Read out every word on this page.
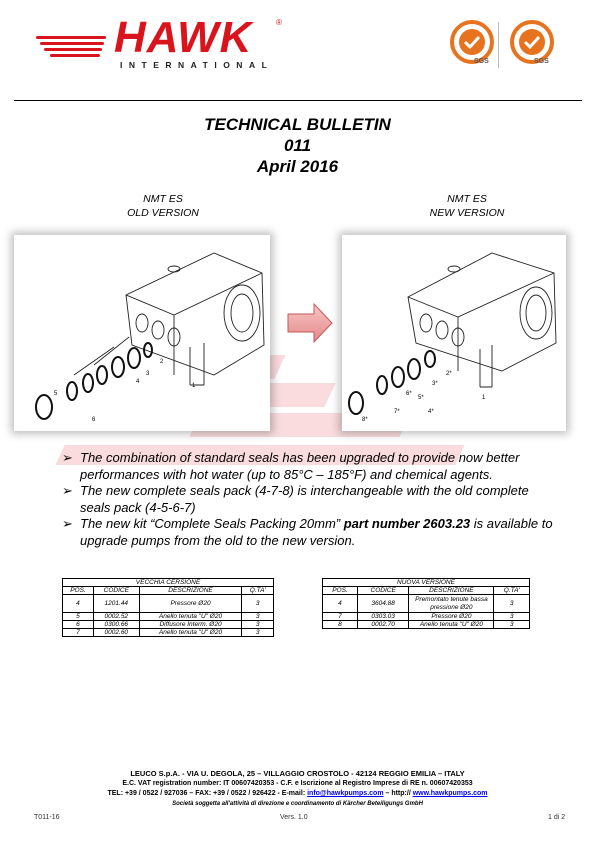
HAWK	®
INTERNATIONAL	SGS	SGS
TECHNICAL BULLETIN
011
April 2016
NMT ES
OLD VERSION
NMT ES
NEW VERSION
1
2
3
4
5
6
1
2*
3*
4*
5*
6*
7*
8*

➢ The combination of standard seals has been upgraded to provide now better performances with hot water (up to 85°C – 185°F) and chemical agents.

➢ The new complete seals pack (4-7-8) is interchangeable with the old complete seals pack (4-5-6-7)

➢ The new kit “Complete Seals Packing 20mm” part number 2603.23 is available to upgrade pumps from the old to the new version.

VECCHIA CERSIONE			
POS.	CODICE	DESCRIZIONE	Q.TA'
4	1201.44	Pressore Ø20	3
5	0002.52	Anello tenuta "U" Ø20	3
6	0300.66	Diffusore Interm. Ø20	3
7	0002.60	Anello tenuta "U" Ø20	3
NUOVA VERSIONE			
POS.	CODICE	DESCRIZIONE	Q.TA'
4	3604.88	Premontato tenute bassa pressione Ø20	3
7	0303.03	Pressore Ø20	3
8	0002.70	Anello tenuta "U" Ø20	3
LEUCO S.p.A. - VIA U. DEGOLA, 25 – VILLAGGIO CROSTOLO - 42124 REGGIO EMILIA – ITALY
E.C. VAT registration number: IT 00607420353 - C.F. e Iscrizione al Registro Imprese di RE n. 00607420353
TEL: +39 / 0522 / 927036 – FAX: +39 / 0522 / 926422 - E-mail: info@hawkpumps.com – http:// www.hawkpumps.com
Società soggetta all'attività di direzione e coordinamento di Kärcher Beteiligungs GmbH
T011-16	Vers. 1.0	1 di 2
